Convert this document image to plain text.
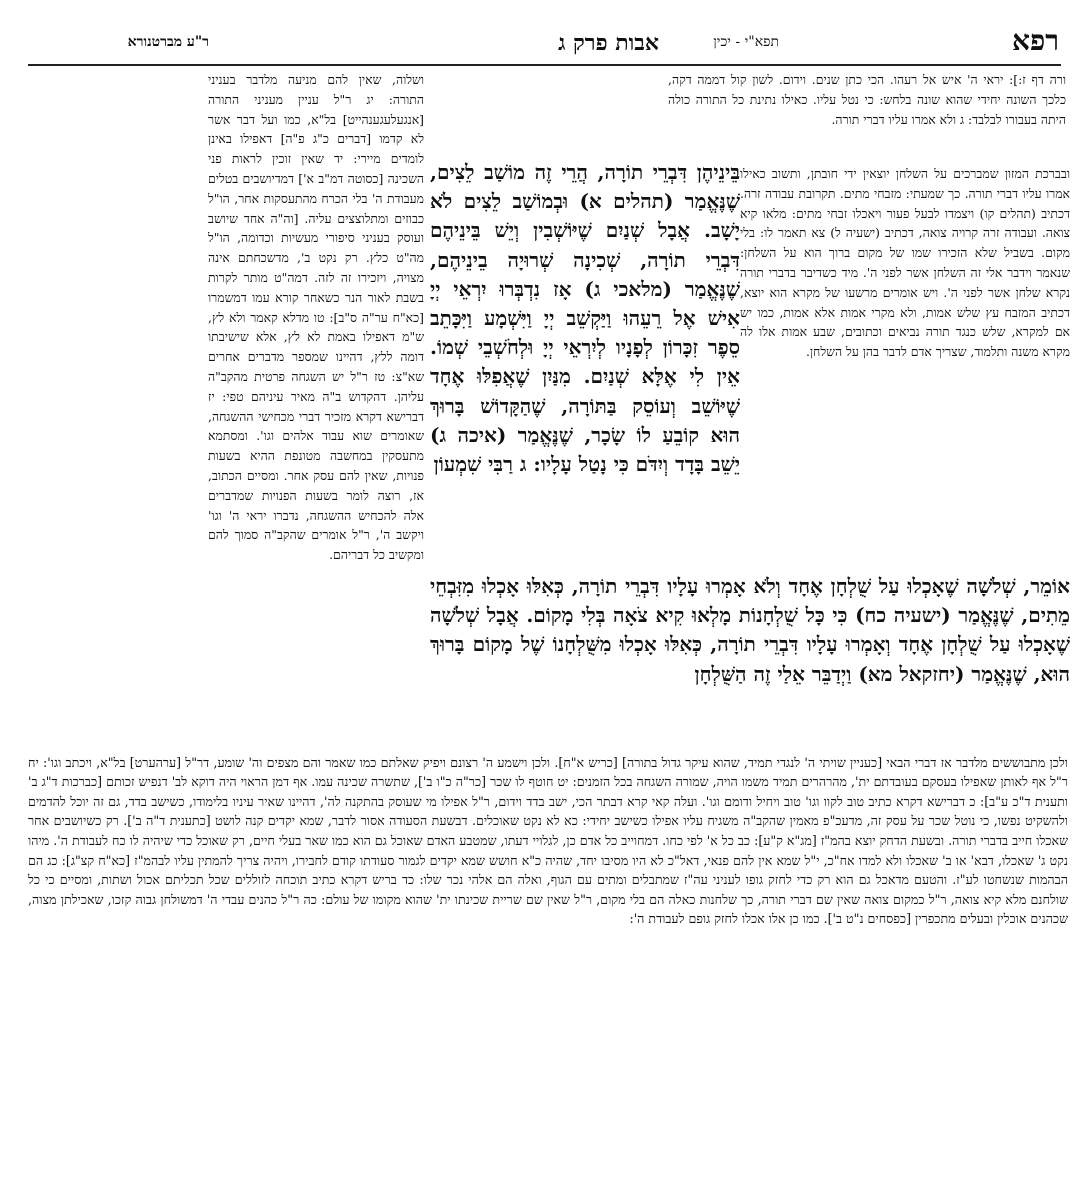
רפא
אבות פרק ג	תפא"י - יכין
ר"ע מברטנורא

ורה דף ז:]: יראי ה' איש אל רעהו. הכי כתן שנים. וידום. לשון קול דממה דקה, כלכך השונה יחידי שהוא שונה בלחש: כי נטל עליו. כאילו נתינת כל התורה כולה היתה בעבורו לבלבד: ג ולא אמרו עליו דברי תורה.

ובברכת המזון שמברכים על השלחן יוצאין ידי חובתן, ותשוב כאילו אמרו עליו דברי תורה. כך שמעתי: מזבחי מתים. תקרובת עבודה זרה. דכתיב (תהלים קו) ויצמדו לבעל פעור ויאכלו זבחי מתים: מלאו קיא צואה. ועבודה זרה קרויה צואה, דכתיב (ישעיה ל) צא תאמר לו: בלי מקום. בשביל שלא הזכירו שמו של מקום ברוך הוא על השלחן: שנאמר וידבר אלי זה השלחן אשר לפני ה'. מיד כשדיבר בדברי תורה נקרא שלחן אשר לפני ה'. ויש אומרים מרשעו של מקרא הוא יוצא, דכתיב המזבח עץ שלש אמות, ולא מקרי אמות אלא אמות, כמו יש אם למקרא, שלש כנגד תורה נביאים וכתובים, שבע אמות אלו לה מקרא משנה ותלמוד, שצריך אדם לדבר בהן על השלחן.

ושלוה, שאין להם מניעה מלדבר בעניני התורה: יג ר"ל עניין מעניני התורה [אנגעלעגענהייט] בל"א, כמו ועל דבר אשר לא קדמו [דברים כ"ג פ"ה] דאפילו באינן לומדים מיירי: יד שאין זוכין לראות פני השכינה [כסוטה דמ"ב א'] דמדיושבים בטלים מעבודת ה' בלי הכרח מהתעסקות אחר, הו"ל כבוזים ומתלוצצים עליה. [וה"ה אחד שיושב ועוסק בעניני סיפורי מעשיות וכדומה, הו"ל מה"ט כלץ. רק נקט ב', מדשכחתם אינה מצויה, ויזכירו זה לזה. דמה"ט מותר לקרות בשבת לאור הנר כשאחר קורא עמו דמשמרו [כא"ח ער"ה ס"ב]: טו מדלא קאמר ולא לץ, ש"מ דאפילו באמת לא לץ, אלא שישיבתו דומה ללץ, דהיינו שמספר מדברים אחרים שא"צ: טז ר"ל יש השגחה פרטית מהקב"ה עליהן. דהקדוש ב"ה מאיר עיניהם טפי: יז דברישא דקרא מזכיר דברי מכחישי ההשגחה, שאומרים שוא עבוד אלהים וגו'. ומסתמא מתעסקין במחשבה מטונפת ההיא בשעות פנויות, שאין להם עסק אחר. ומסיים הכתוב, אז, רוצה לומר בשעות הפנויות שמדברים אלה להכחיש ההשגחה, נדברו יראי ה' וגו' ויקשב ה', ר"ל אומרים שהקב"ה סמוך להם ומקשיב כל דבריהם.

בֵּינֵיהֶן דִּבְרֵי תוֹרָה, הֲרֵי זֶה מוֹשַׁב לֵצִים, שֶׁנֶּאֱמַר (תהלים א) וּבְמוֹשַׁב לֵצִים לֹא יָשָׁב. אֲבָל שְׁנַיִם שֶׁיּוֹשְׁבִין וְיֵשׁ בֵּינֵיהֶם דִּבְרֵי תוֹרָה, שְׁכִינָה שְׁרוּיָה בֵינֵיהֶם, שֶׁנֶּאֱמַר (מלאכי ג) אָז נִדְבְּרוּ יִרְאֵי יְיָ אִישׁ אֶל רֵעֵהוּ וַיַּקְשֵׁב יְיָ וַיִּשְׁמָע וַיִּכָּתֵב סֵפֶר זִכָּרוֹן לְפָנָיו לְיִרְאֵי יְיָ וּלְחֹשְׁבֵי שְׁמוֹ. אֵין לִי אֶלָּא שְׁנַיִם. מִנַּיִן שֶׁאֲפִלּוּ אֶחָד שֶׁיּוֹשֵׁב וְעוֹסֵק בַּתּוֹרָה, שֶׁהַקָּדוֹשׁ בָּרוּךְ הוּא קוֹבֵעַ לוֹ שָׂכָר, שֶׁנֶּאֱמַר (איכה ג) יֵשֵׁב בָּדָד וְיִדֹּם כִּי נָטַל עָלָיו: ג רַבִּי שִׁמְעוֹן
אוֹמֵר, שְׁלֹשָׁה שֶׁאָכְלוּ עַל שֻׁלְחָן אֶחָד וְלֹא אָמְרוּ עָלָיו דִּבְרֵי תוֹרָה, כְּאִלּוּ אָכְלוּ מִזִּבְחֵי מֵתִים, שֶׁנֶּאֱמַר (ישעיה כח) כִּי כָּל שֻׁלְחָנוֹת מָלְאוּ קִיא צֹאָה בְּלִי מָקוֹם. אֲבָל שְׁלֹשָׁה שֶׁאָכְלוּ עַל שֻׁלְחָן אֶחָד וְאָמְרוּ עָלָיו דִּבְרֵי תוֹרָה, כְּאִלּוּ אָכְלוּ מִשֻּׁלְחָנוֹ שֶׁל מָקוֹם בָּרוּךְ הוּא, שֶׁנֶּאֱמַר (יחזקאל מא) וַיְדַבֵּר אֵלַי זֶה הַשֻּׁלְחָן

ולכן מתבוששים מלדבר אז דברי הבאי [כעניין שויתי ה' לנגדי תמיד, שהוא עיקר גדול בתורה] [כריש א"ח]. ולכן וישמע ה' רצונם ויפיק שאלתם כמו שאמר והם מצפים וה' שומע, דר"ל [ערהערט] בל"א, ויכתב וגו': יח ר"ל אף לאותן שאפילו בעסקם בעובדתם ית', מהרהרים תמיד משמו הויה, שמורה השגחה בכל הזמנים: יט חוטף לו שכר [כר"ה כ"ו ב'], שתשרה שכינה עמו. אף דמן הראוי היה דוקא לב' דנפיש זכותם [כברכות ד"ג ב' ותענית ד"כ ע"ב]: כ דברישא דקרא כתיב טוב לקוו וגו' טוב ויחיל ודומם וגו'. ועלה קאי קרא דבתר הכי, ישב בדד וידום, ר"ל אפילו מי שעוסק בהתקנה לה', דהיינו שאיר עיניו בלימודו, כשישב בדד, גם זה יוכל להדמים ולהשקיט נפשו, כי נוטל שכר על עסק זה, מדעכ"פ מאמין שהקב"ה משגיח עליו אפילו כשישב יחידי: כא לא נקט שאוכלים. דבשעת הסעודה אסור לדבר, שמא יקדים קנה לושט [כתענית ד"ה ב']. רק כשיושבים אחר שאכלו חייב בדברי תורה. ובשעת הדחק יוצא בהמ"ז [מג"א ק"ע]: כב כל א' לפי כחו. דמחוייב כל אדם כן, לגלויי דעתו, שמטבע האדם שאוכל גם הוא כמו שאר בעלי חיים, רק שאוכל כדי שיהיה לו כח לעבודת ה'. מיהו נקט ג' שאכלו, דבא' או ב' שאכלו ולא למדו אח"כ, י"ל שמא אין להם פנאי, דאל"כ לא היו מסיבו יחד, שהיה כ"א חושש שמא יקדים לגמור סעודתו קודם לחבירו, ויהיה צריך להמתין עליו לבהמ"ז [כא"ח קצ"ג]: כג הם הבהמות שנשחטו לע"ז. והטעם מדאכל גם הוא רק כדי לחזק גופו לעניני עה"ז שמתבלים ומתים עם הגוף, ואלה הם אלהי נכר שלו: כד בריש דקרא כתיב תוכחה לזוללים שכל תכליתם אכול ושתות, ומסיים כי כל שולחנם מלא קיא צואה, ר"ל כמקום צואה שאין שם דברי תורה, כך שלחנות כאלה הם בלי מקום, ר"ל שאין שם שריית שכינתו ית' שהוא מקומו של עולם: כה ר"ל כהנים עבדי ה' דמשולחן גבוה קזכו, שאכילתן מצוה, שכהנים אוכלין ובעלים מתכפרין [כפסחים נ"ט ב']. כמו כן אלו אכלו לחזק גופם לעבודת ה':
